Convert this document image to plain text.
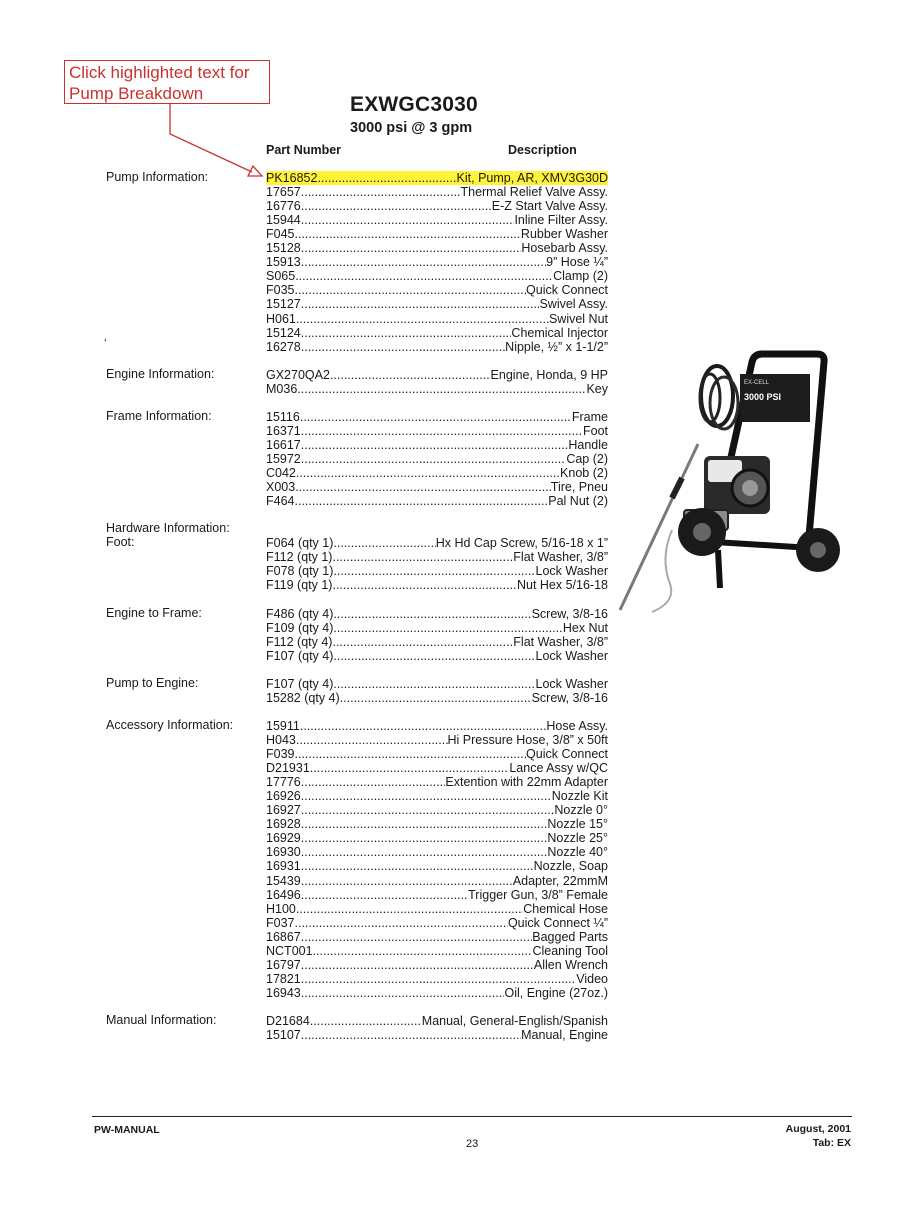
Click highlighted text for
Pump Breakdown	EXWGC3030
3000 psi @ 3 gpm
Part Number	Description
‘
Pump Information:	PK16852 .....	Kit, Pump, AR, XMV3G30D
17657 .....	Thermal Relief Valve Assy.
16776 .....	E-Z Start Valve Assy.
15944 .....	Inline Filter Assy.
F045 .....	Rubber Washer
15128 .....	Hosebarb Assy.
15913 .....	9” Hose ¼”
S065 .....	Clamp (2)
F035 .....	Quick Connect
15127 .....	Swivel Assy.
H061 .....	Swivel Nut
15124 .....	Chemical Injector
16278 .....	Nipple, ½” x 1-1/2”
Engine Information:	GX270QA2 .....	Engine, Honda, 9 HP
M036 .....	Key
Frame Information:	15116 .....	Frame
16371 .....	Foot
16617 .....	Handle
15972 .....	Cap (2)
C042 .....	Knob (2)
X003 .....	Tire, Pneu
F464 .....	Pal Nut (2)
Hardware Information:
Foot:	F064 (qty 1) .....	Hx Hd Cap Screw, 5/16-18 x 1”
F112 (qty 1) .....	Flat Washer, 3/8”
F078 (qty 1) .....	Lock Washer
F119 (qty 1) .....	Nut Hex 5/16-18
Engine to Frame:	F486 (qty 4) .....	Screw, 3/8-16
F109 (qty 4) .....	Hex Nut
F112 (qty 4) .....	Flat Washer, 3/8”
F107 (qty 4) .....	Lock Washer
Pump to Engine:	F107 (qty 4) .....	Lock Washer
15282 (qty 4) .....	Screw, 3/8-16
Accessory Information:	15911 .....	Hose Assy.
H043 .....	Hi Pressure Hose, 3/8” x 50ft
F039 .....	Quick Connect
D21931 .....	Lance Assy w/QC
17776 .....	Extention with 22mm Adapter
16926 .....	Nozzle Kit
16927 .....	Nozzle 0°
16928 .....	Nozzle 15°
16929 .....	Nozzle 25°
16930 .....	Nozzle 40°
16931 .....	Nozzle, Soap
15439 .....	Adapter, 22mmM
16496 .....	Trigger Gun, 3/8” Female
H100 .....	Chemical Hose
F037 .....	Quick Connect ¼”
16867 .....	Bagged Parts
NCT001 .....	Cleaning Tool
16797 .....	Allen Wrench
17821 .....	Video
16943 .....	Oil, Engine (27oz.)
Manual Information:	D21684 .....	Manual, General-English/Spanish
15107 .....	Manual, Engine
EX-CELL
3000 PSI
PW-MANUAL
23
August, 2001
Tab: EX
